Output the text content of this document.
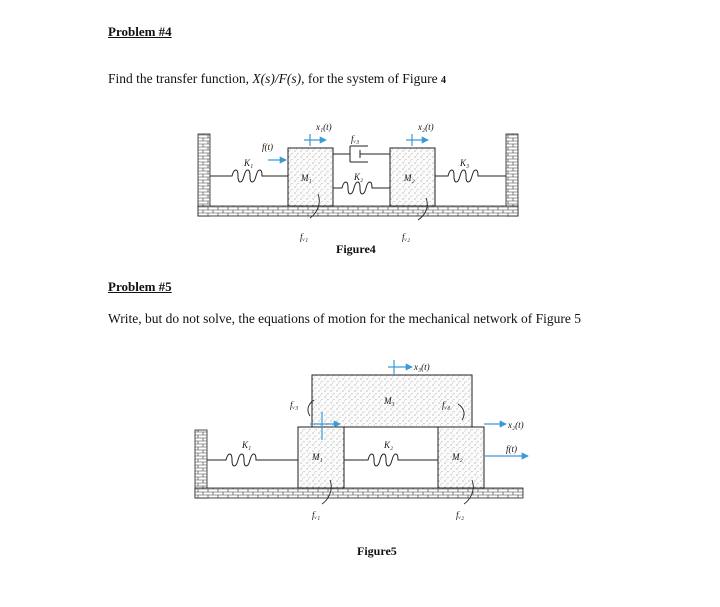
Problem #4
Find the transfer function, X(s)/F(s), for the system of Figure 4
x₁(t)	x₂(t)
f(t)
fᵥ₃
K₁
K₂
K₃
M₁	M₂
fᵥ₁	fᵥ₂
x₃(t)
M₃
fᵥ₃	fᵥ₄
x₂(t)
f(t)
K₁	K₂
M₁	M₂
fᵥ₁	fᵥ₂
Figure4
Problem #5
Write, but do not solve, the equations of motion for the mechanical network of Figure 5
Figure5
